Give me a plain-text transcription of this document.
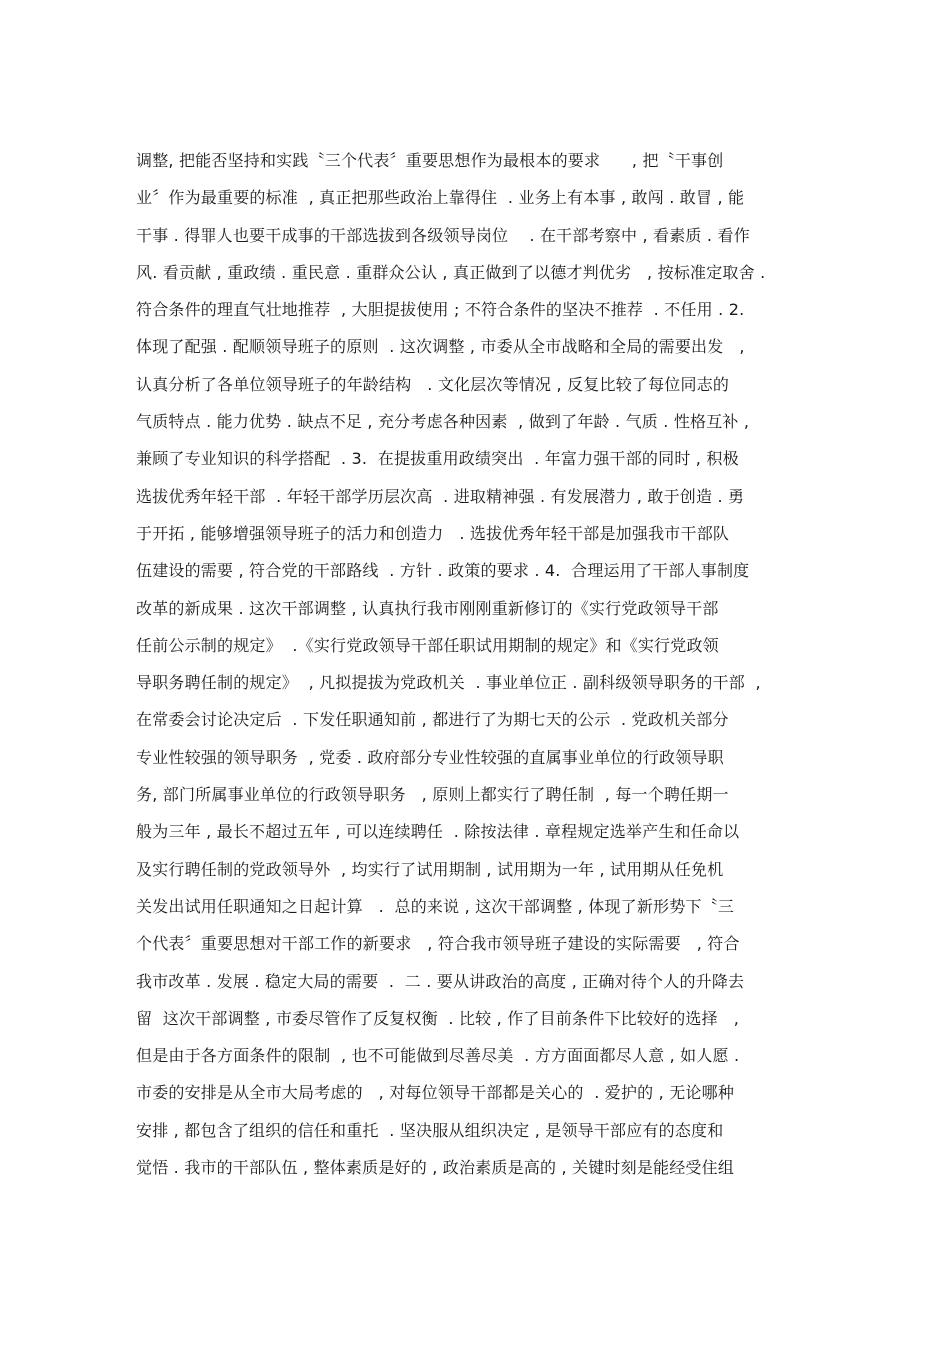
调整, 把能否坚持和实践〝三个代表〞重要思想作为最根本的要求      , 把〝干事创
业〞作为最重要的标准  , 真正把那些政治上靠得住  . 业务上有本事 , 敢闯 . 敢冒 , 能
干事 . 得罪人也要干成事的干部选拔到各级领导岗位    . 在干部考察中 , 看素质 . 看作
风. 看贡献 , 重政绩 . 重民意 . 重群众公认 , 真正做到了以德才判优劣   , 按标准定取舍 .
符合条件的理直气壮地推荐  , 大胆提拔使用 ; 不符合条件的坚决不推荐  . 不任用 . 2.
体现了配强 . 配顺领导班子的原则  . 这次调整 , 市委从全市战略和全局的需要出发   ,
认真分析了各单位领导班子的年龄结构   . 文化层次等情况 , 反复比较了每位同志的
气质特点 . 能力优势 . 缺点不足 , 充分考虑各种因素  , 做到了年龄 . 气质 . 性格互补 ,
兼顾了专业知识的科学搭配  . 3.  在提拔重用政绩突出  . 年富力强干部的同时 , 积极
选拔优秀年轻干部  . 年轻干部学历层次高  . 进取精神强 . 有发展潜力 , 敢于创造 . 勇
于开拓 , 能够增强领导班子的活力和创造力   . 选拔优秀年轻干部是加强我市干部队
伍建设的需要 , 符合党的干部路线  . 方针 . 政策的要求 . 4.  合理运用了干部人事制度
改革的新成果 . 这次干部调整 , 认真执行我市刚刚重新修订的《实行党政领导干部
任前公示制的规定》  .《实行党政领导干部任职试用期制的规定》和《实行党政领
导职务聘任制的规定》  , 凡拟提拔为党政机关  . 事业单位正 . 副科级领导职务的干部  ,
在常委会讨论决定后  . 下发任职通知前 , 都进行了为期七天的公示  . 党政机关部分
专业性较强的领导职务  , 党委 . 政府部分专业性较强的直属事业单位的行政领导职
务, 部门所属事业单位的行政领导职务   , 原则上都实行了聘任制  , 每一个聘任期一
般为三年 , 最长不超过五年 , 可以连续聘任  . 除按法律 . 章程规定选举产生和任命以
及实行聘任制的党政领导外  , 均实行了试用期制 , 试用期为一年 , 试用期从任免机
关发出试用任职通知之日起计算   .  总的来说 , 这次干部调整 , 体现了新形势下〝三
个代表〞重要思想对干部工作的新要求   , 符合我市领导班子建设的实际需要   , 符合
我市改革 . 发展 . 稳定大局的需要  .  二 . 要从讲政治的高度 , 正确对待个人的升降去
留  这次干部调整 , 市委尽管作了反复权衡  . 比较 , 作了目前条件下比较好的选择   ,
但是由于各方面条件的限制  , 也不可能做到尽善尽美  . 方方面面都尽人意 , 如人愿 .
市委的安排是从全市大局考虑的   , 对每位领导干部都是关心的  . 爱护的 , 无论哪种
安排 , 都包含了组织的信任和重托  . 坚决服从组织决定 , 是领导干部应有的态度和
觉悟 . 我市的干部队伍 , 整体素质是好的 , 政治素质是高的 , 关键时刻是能经受住组
